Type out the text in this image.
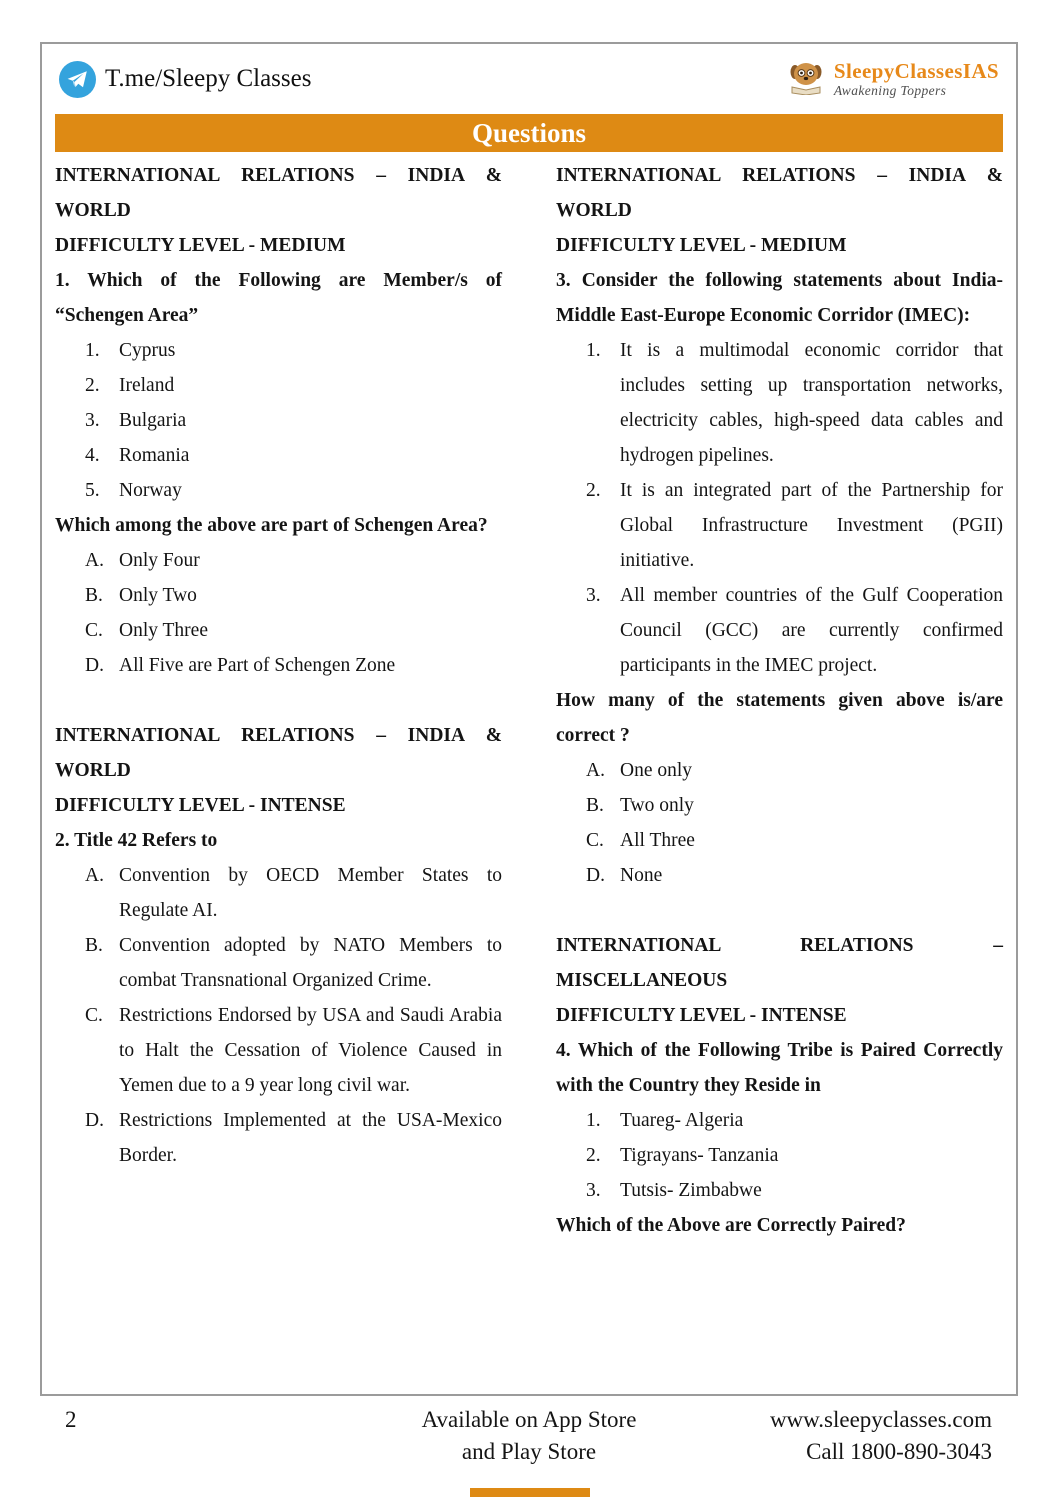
T.me/Sleepy Classes	SleepyClassesIAS
Awakening Toppers
Questions

INTERNATIONAL RELATIONS – INDIA & WORLD

DIFFICULTY LEVEL - MEDIUM

1. Which of the Following are Member/s of “Schengen Area”

1. Cyprus
2. Ireland
3. Bulgaria
4. Romania
5. Norway

Which among the above are part of Schengen Area?

A. Only Four
B. Only Two
C. Only Three
D. All Five are Part of Schengen Zone

INTERNATIONAL RELATIONS – INDIA & WORLD

DIFFICULTY LEVEL - INTENSE

2. Title 42 Refers to

A. Convention by OECD Member States to Regulate AI.
B. Convention adopted by NATO Members to combat Transnational Organized Crime.
C. Restrictions Endorsed by USA and Saudi Arabia to Halt the Cessation of Violence Caused in Yemen due to a 9 year long civil war.
D. Restrictions Implemented at the USA-Mexico Border.

INTERNATIONAL RELATIONS – INDIA & WORLD

DIFFICULTY LEVEL - MEDIUM

3. Consider the following statements about India-Middle East-Europe Economic Corridor (IMEC):

1. It is a multimodal economic corridor that includes setting up transportation networks, electricity cables, high-speed data cables and hydrogen pipelines.
2. It is an integrated part of the Partnership for Global Infrastructure Investment (PGII) initiative.
3. All member countries of the Gulf Cooperation Council (GCC) are currently confirmed participants in the IMEC project.

How many of the statements given above is/are correct ?

A. One only
B. Two only
C. All Three
D. None

INTERNATIONAL RELATIONS – MISCELLANEOUS

DIFFICULTY LEVEL - INTENSE

4. Which of the Following Tribe is Paired Correctly with the Country they Reside in

1. Tuareg- Algeria
2. Tigrayans- Tanzania
3. Tutsis- Zimbabwe

Which of the Above are Correctly Paired?

2	Available on App Store
and Play Store
www.sleepyclasses.com
Call 1800-890-3043
